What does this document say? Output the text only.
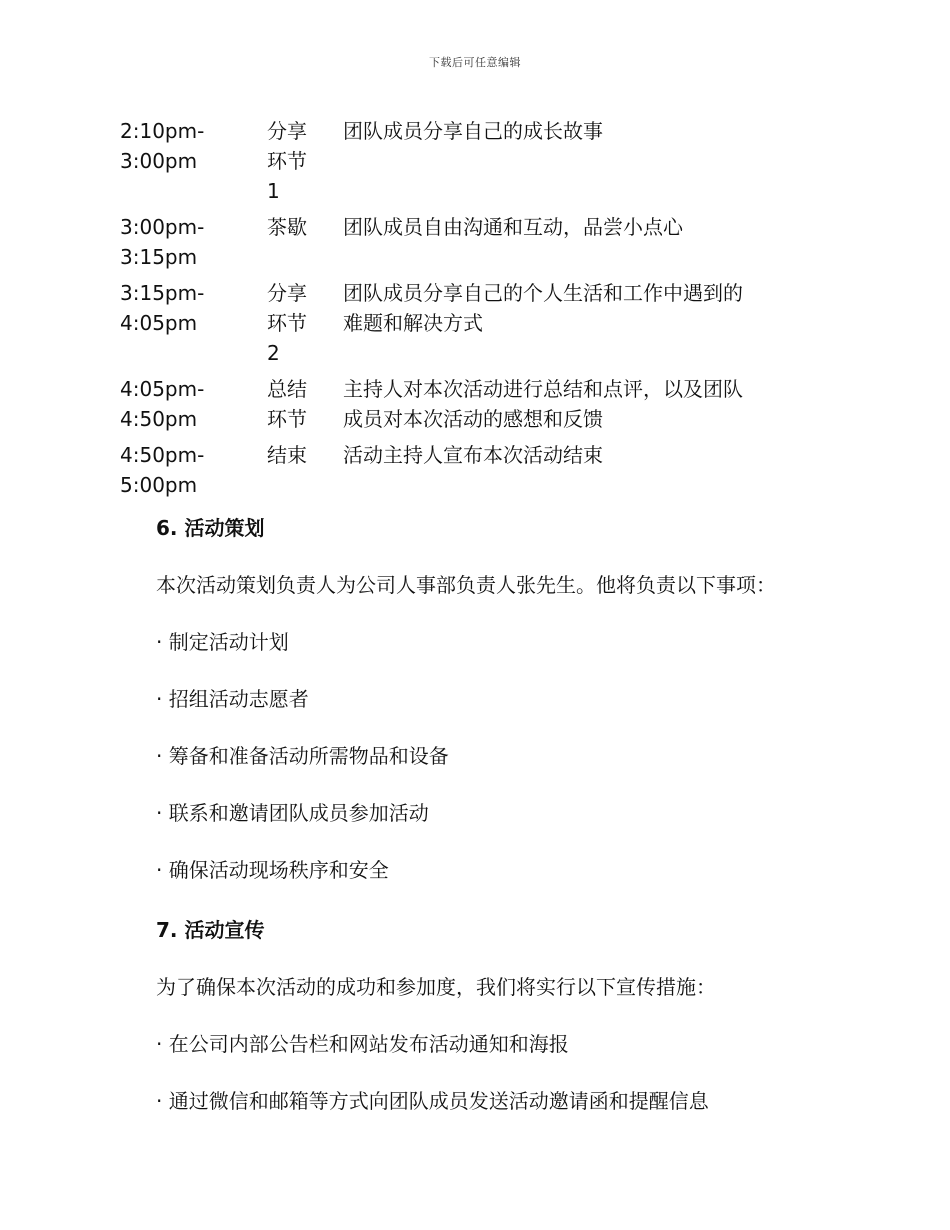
下载后可任意编辑
2:10pm-3:00pm
分享环节1
团队成员分享自己的成长故事
3:00pm-3:15pm
茶歇	团队成员自由沟通和互动，品尝小点心
3:15pm-4:05pm
分享环节2
团队成员分享自己的个人生活和工作中遇到的难题和解决方式
4:05pm-4:50pm
总结环节
主持人对本次活动进行总结和点评，以及团队成员对本次活动的感想和反馈
4:50pm-5:00pm
结束	活动主持人宣布本次活动结束
6. 活动策划

本次活动策划负责人为公司人事部负责人张先生。他将负责以下事项：

· 制定活动计划

· 招组活动志愿者

· 筹备和准备活动所需物品和设备

· 联系和邀请团队成员参加活动

· 确保活动现场秩序和安全

7. 活动宣传

为了确保本次活动的成功和参加度，我们将实行以下宣传措施：

· 在公司内部公告栏和网站发布活动通知和海报

· 通过微信和邮箱等方式向团队成员发送活动邀请函和提醒信息
